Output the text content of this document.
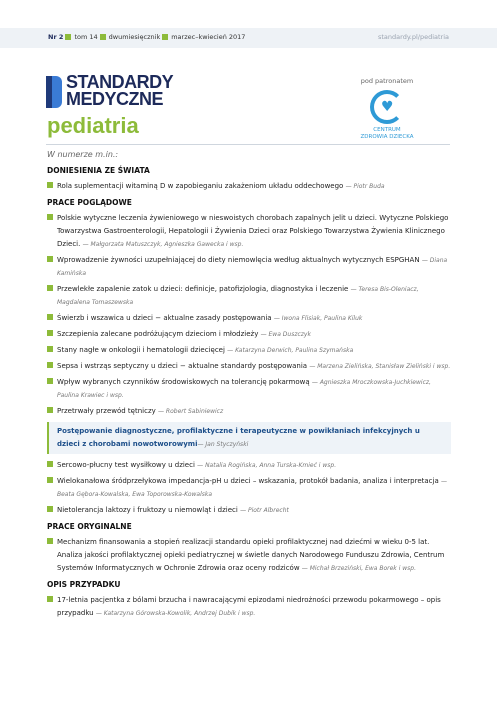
Nr 2 tom 14 dwumiesięcznik marzec–kwiecień 2017	standardy.pl/pediatria
STANDARDY
MEDYCZNE
pediatria
pod patronatem
♥
CENTRUM
ZDROWIA DZIECKA
W numerze m.in.:
DONIESIENIA ZE ŚWIATA
Rola suplementacji witaminą D w zapobieganiu zakażeniom układu oddechowego — Piotr Buda
PRACE POGLĄDOWE
Polskie wytyczne leczenia żywieniowego w nieswoistych chorobach zapalnych jelit u dzieci. Wytyczne Polskiego Towarzystwa Gastroenterologii, Hepatologii i Żywienia Dzieci oraz Polskiego Towarzystwa Żywienia Klinicznego Dzieci. — Małgorzata Matuszczyk, Agnieszka Gawecka i wsp.
Wprowadzenie żywności uzupełniającej do diety niemowlęcia według aktualnych wytycznych ESPGHAN — Diana Kamińska
Przewlekłe zapalenie zatok u dzieci: definicje, patofizjologia, diagnostyka i leczenie — Teresa Bis-Oleniacz, Magdalena Tomaszewska
Świerzb i wszawica u dzieci − aktualne zasady postępowania — Iwona Flisiak, Paulina Kiluk
Szczepienia zalecane podróżującym dzieciom i młodzieży — Ewa Duszczyk
Stany nagłe w onkologii i hematologii dziecięcej — Katarzyna Derwich, Paulina Szymańska
Sepsa i wstrząs septyczny u dzieci − aktualne standardy postępowania — Marzena Zielińska, Stanisław Zieliński i wsp.
Wpływ wybranych czynników środowiskowych na tolerancję pokarmową — Agnieszka Mroczkowska-Juchkiewicz, Paulina Krawiec i wsp.
Przetrwały przewód tętniczy — Robert Sabiniewicz
Postępowanie diagnostyczne, profilaktyczne i terapeutyczne w powikłaniach infekcyjnych u dzieci z chorobami nowotworowymi— Jan Styczyński
Sercowo-płucny test wysiłkowy u dzieci — Natalia Rogińska, Anna Turska-Kmieć i wsp.
Wielokanałowa śródprzełykowa impedancja-pH u dzieci – wskazania, protokół badania, analiza i interpretacja — Beata Gębora-Kowalska, Ewa Toporowska-Kowalska
Nietolerancja laktozy i fruktozy u niemowląt i dzieci — Piotr Albrecht
PRACE ORYGINALNE
Mechanizm finansowania a stopień realizacji standardu opieki profilaktycznej nad dziećmi w wieku 0-5 lat. Analiza jakości profilaktycznej opieki pediatrycznej w świetle danych Narodowego Funduszu Zdrowia, Centrum Systemów Informatycznych w Ochronie Zdrowia oraz oceny rodziców — Michał Brzeziński, Ewa Borek i wsp.
OPIS PRZYPADKU
17-letnia pacjentka z bólami brzucha i nawracającymi epizodami niedrożności przewodu pokarmowego – opis przypadku — Katarzyna Górowska-Kowolik, Andrzej Dubik i wsp.
